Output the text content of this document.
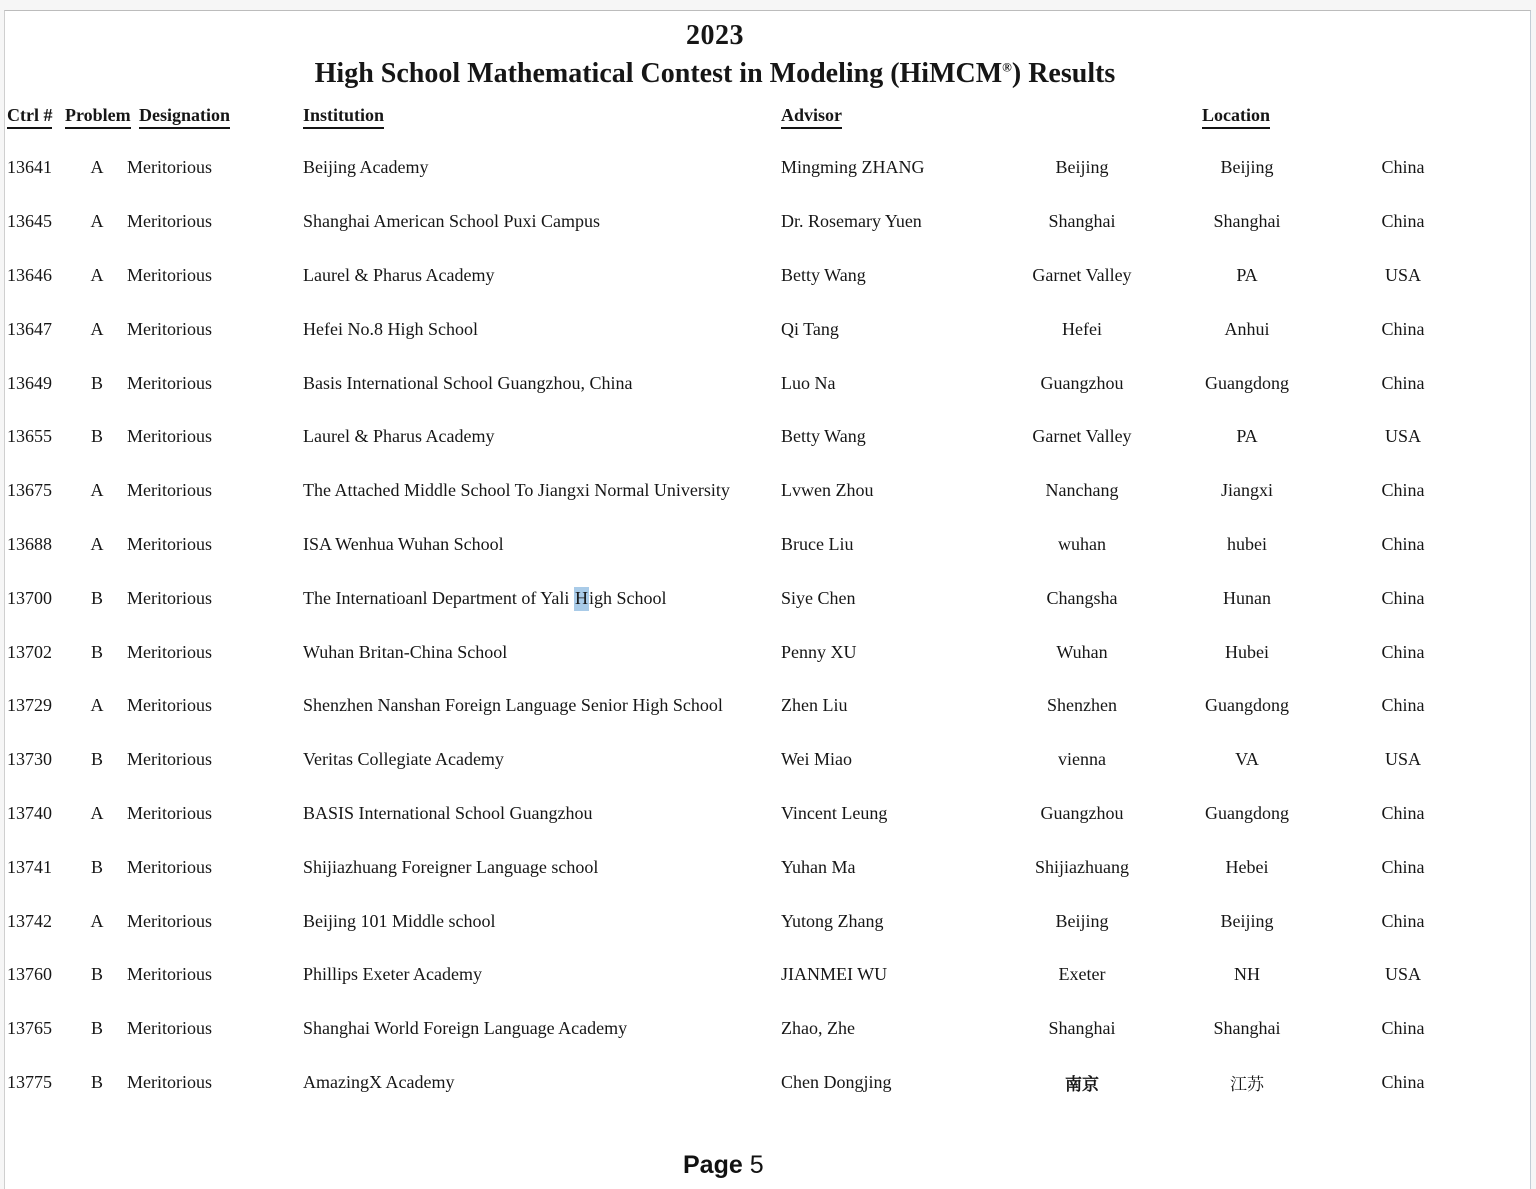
2023
High School Mathematical Contest in Modeling (HiMCM®) Results
Ctrl # Problem Designation	Institution	Advisor	Location
13641	A	Meritorious	Beijing Academy	Mingming ZHANG	Beijing	Beijing	China
13645	A	Meritorious	Shanghai American School Puxi Campus	Dr. Rosemary Yuen	Shanghai	Shanghai	China
13646	A	Meritorious	Laurel & Pharus Academy	Betty Wang	Garnet Valley	PA	USA
13647	A	Meritorious	Hefei No.8 High School	Qi Tang	Hefei	Anhui	China
13649	B	Meritorious	Basis International School Guangzhou, China	Luo Na	Guangzhou	Guangdong	China
13655	B	Meritorious	Laurel & Pharus Academy	Betty Wang	Garnet Valley	PA	USA
13675	A	Meritorious	The Attached Middle School To Jiangxi Normal University	Lvwen Zhou	Nanchang	Jiangxi	China
13688	A	Meritorious	ISA Wenhua Wuhan School	Bruce Liu	wuhan	hubei	China
13700	B	Meritorious	The Internatioanl Department of Yali High School	Siye Chen	Changsha	Hunan	China
13702	B	Meritorious	Wuhan Britan-China School	Penny XU	Wuhan	Hubei	China
13729	A	Meritorious	Shenzhen Nanshan Foreign Language Senior High School	Zhen Liu	Shenzhen	Guangdong	China
13730	B	Meritorious	Veritas Collegiate Academy	Wei Miao	vienna	VA	USA
13740	A	Meritorious	BASIS International School Guangzhou	Vincent Leung	Guangzhou	Guangdong	China
13741	B	Meritorious	Shijiazhuang Foreigner Language school	Yuhan Ma	Shijiazhuang	Hebei	China
13742	A	Meritorious	Beijing 101 Middle school	Yutong Zhang	Beijing	Beijing	China
13760	B	Meritorious	Phillips Exeter Academy	JIANMEI WU	Exeter	NH	USA
13765	B	Meritorious	Shanghai World Foreign Language Academy	Zhao, Zhe	Shanghai	Shanghai	China
13775	B	Meritorious	AmazingX Academy	Chen Dongjing	南京	江苏	China
Page 5
